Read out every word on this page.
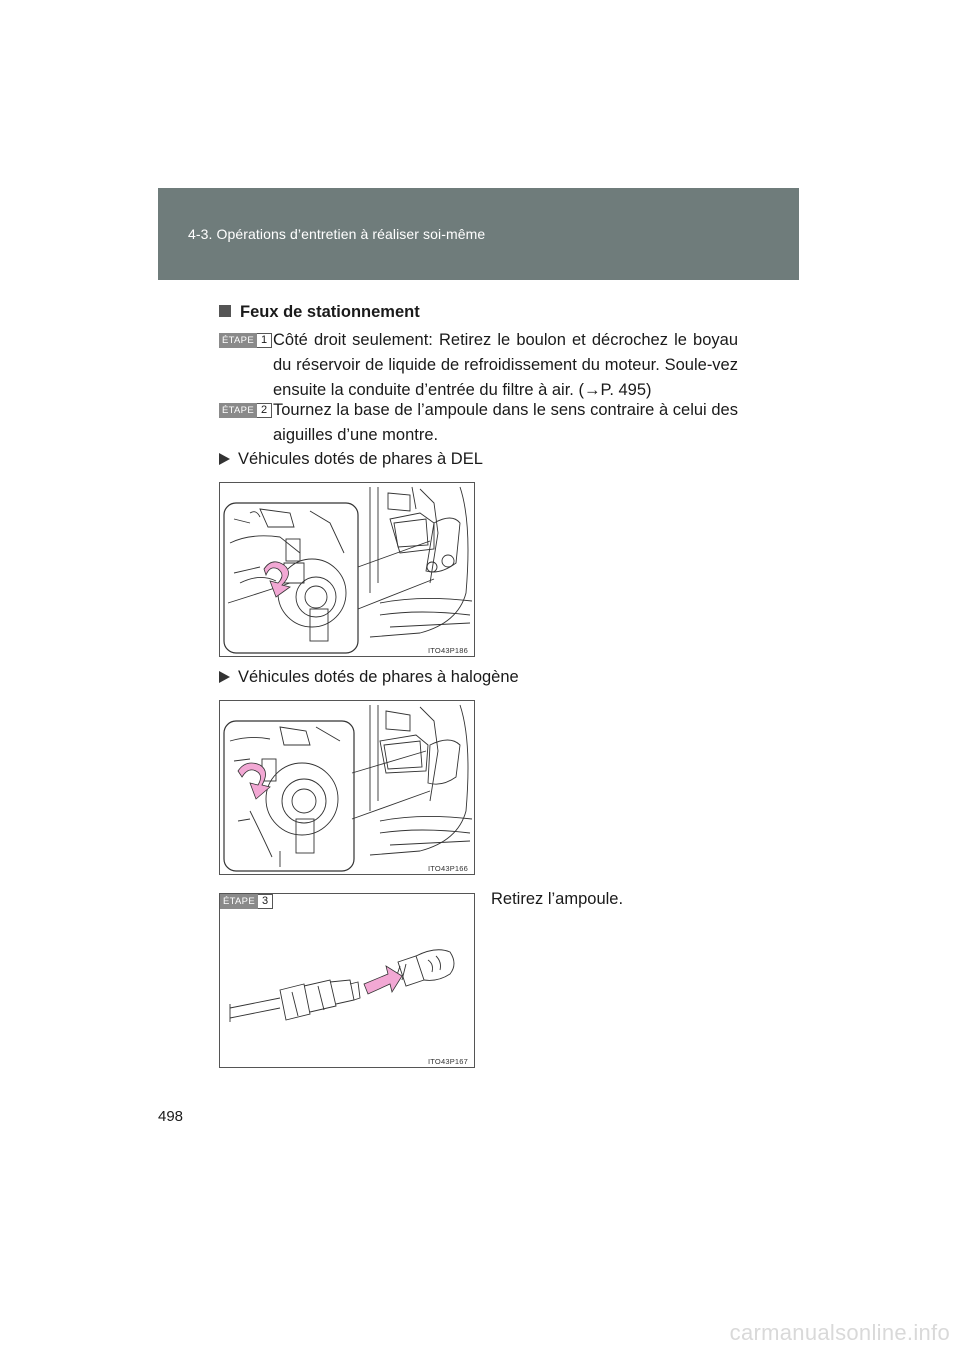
4-3. Opérations d’entretien à réaliser soi-même
Feux de stationnement
ÉTAPE 1 Côté droit seulement: Retirez le boulon et décrochez le boyau du réservoir de liquide de refroidissement du moteur. Soule-vez ensuite la conduite d’entrée du filtre à air. (→P. 495)
ÉTAPE 2 Tournez la base de l’ampoule dans le sens contraire à celui des aiguilles d’une montre.
Véhicules dotés de phares à DEL
ITO43P186
Véhicules dotés de phares à halogène
ITO43P166
ÉTAPE 3
ITO43P167
Retirez l’ampoule.
498
carmanualsonline.info
